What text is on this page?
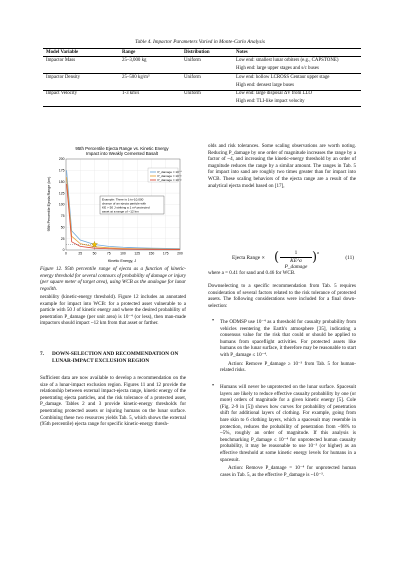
Table 4. Impactor Parameters Varied in Monte-Carlo Analysis
Model Variable	Range	Distribution	Notes
Impactor Mass	25–3,000 kg	Uniform	Low end: smallest lunar orbiters (e.g., CAPSTONE)
			High end: large upper stages and s/c buses
Impactor Density	25–500 kg/m³	Uniform	Low end: hollow LCROSS Centaur upper stage
			High end: densest large buses
Impact Velocity	1-3 km/s	Uniform	Low end: large disposal ΔV from LLO
			High end: TLI-like impact velocity
95th Percentile Ejecta Range vs. Kinetic Energy
Impact into Weakly Cemented Basalt
0	25	50	75	100	125	150	175	200
0
25
50
75
100
125
150
175
200
P_damage = 10⁻⁴
P_damage = 10⁻³
P_damage = 10⁻²
Example: There is 1-in-10,000
chance of an ejecta particle with
KE > 50 J striking a 1 m² protected
asset at a range of ~12 km
95th Percentile Ejecta Range (km)
Kinetic Energy, J
Figure 12. 95th percentile range of ejecta as a function of kinetic-energy threshold for several contours of probability of damage or injury (per square meter of target area), using WCB as the analogue for lunar regolith.

nerability (kinetic-energy threshold). Figure 12 includes an annotated example for impact into WCB: for a protected asset vulnerable to a particle with 50 J of kinetic energy and where the desired probability of penetration P_damage (per unit area) is 10⁻⁴ (or less), then man-made impactors should impact ~12 km from that asset or farther.

7.	DOWN-SELECTION AND RECOMMENDATION ON LUNAR-IMPACT EXCLUSION REGION

Sufficient data are now available to develop a recommendation on the size of a lunar-impact exclusion region. Figures 11 and 12 provide the relationship between external impact-ejecta range, kinetic energy of the penetrating ejecta particles, and the risk tolerance of a protected asset, P_damage. Tables 2 and 3 provide kinetic-energy thresholds for penetrating protected assets or injuring humans on the lunar surface. Combining these two resources yields Tab. 5, which shows the external (95th percentile) ejecta range for specific kinetic-energy thresh-

olds and risk tolerances. Some scaling observations are worth noting. Reducing P_damage by one order of magnitude increases the range by a factor of ~4, and increasing the kinetic-energy threshold by an order of magnitude reduces the range by a similar amount. The ranges in Tab. 5 for impact into sand are roughly two times greater than for impact into WCB. These scaling behaviors of the ejecta range are a result of the analytical ejecta model based on [17],

Ejecta Range ∝ (	1
KE^a P_damage
) a
(11)

where a = 0.41 for sand and 0.46 for WCB.

Downselecting to a specific recommendation from Tab. 5 requires consideration of several factors related to the risk tolerance of protected assets. The following considerations were included for a final down-selection:

• The ODMSP use 10⁻⁴ as a threshold for casualty probability from vehicles reentering the Earth's atmosphere [35], indicating a consensus value for the risk that could or should be applied to humans from spaceflight activities. For protected assets like humans on the lunar surface, it therefore may be reasonable to start with P_damage ≤ 10⁻⁴.

Action: Remove P_damage ≥ 10⁻³ from Tab. 5 for human-related risks.

• Humans will never be unprotected on the lunar surface. Spacesuit layers are likely to reduce effective casualty probability by one (or more) orders of magnitude for a given kinetic energy [5]. Cole (Fig. 2-9 in [5]) shows how curves for probability of penetration shift for additional layers of clothing. For example, going from bare skin to 6 clothing layers, which a spacesuit may resemble in protection, reduces the probability of penetration from ~98% to ~5%, roughly an order of magnitude. If this analysis is benchmarking P_damage ≤ 10⁻⁴ for unprotected human casualty probability, it may be reasonable to use 10⁻³ (or higher) as an effective threshold at some kinetic energy levels for humans in a spacesuit.

Action: Remove P_damage = 10⁻⁴ for unprotected human cases in Tab. 5, as the effective P_damage is ~10⁻³.
